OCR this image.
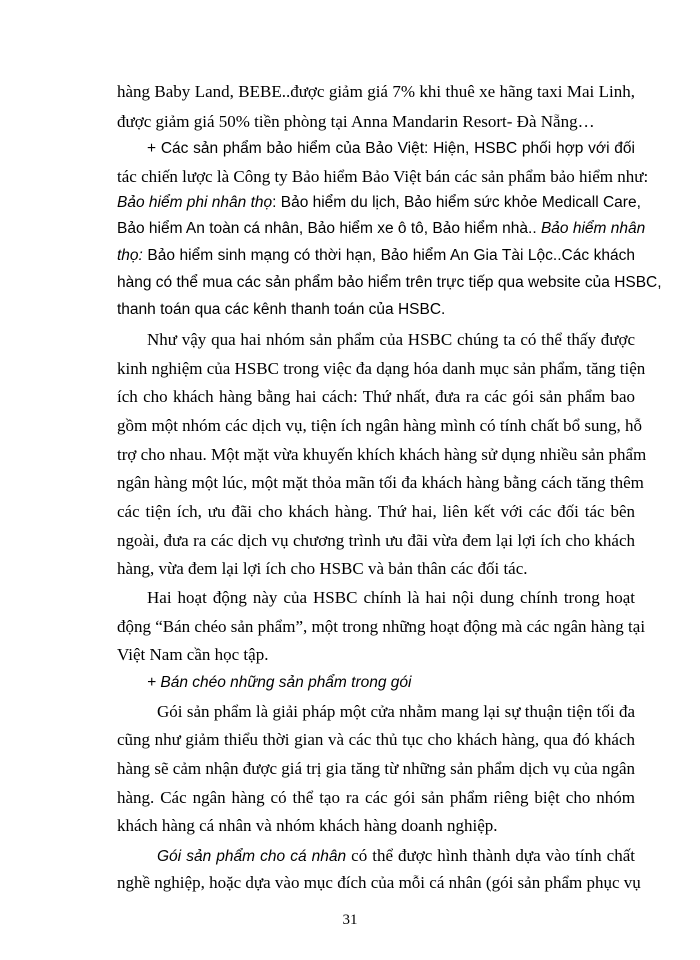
hàng Baby Land, BEBE..được giảm giá 7% khi thuê xe hãng taxi Mai Linh,
được giảm giá 50% tiền phòng tại Anna Mandarin Resort- Đà Nẵng…
+ Các sản phẩm bảo hiểm của Bảo Việt: Hiện, HSBC phối hợp với đối
tác chiến lược là Công ty Bảo hiểm Bảo Việt bán các sản phẩm bảo hiểm như:
Bảo hiểm phi nhân thọ: Bảo hiểm du lịch, Bảo hiểm sức khỏe Medicall Care,
Bảo hiểm An toàn cá nhân, Bảo hiểm xe ô tô, Bảo hiểm nhà.. Bảo hiểm nhân
thọ: Bảo hiểm sinh mạng có thời hạn, Bảo hiểm An Gia Tài Lộc..Các khách
hàng có thể mua các sản phẩm bảo hiểm trên trực tiếp qua website của HSBC,
thanh toán qua các kênh thanh toán của HSBC.
Như vậy qua hai nhóm sản phẩm của HSBC chúng ta có thể thấy được
kinh nghiệm của HSBC trong việc đa dạng hóa danh mục sản phẩm, tăng tiện
ích cho khách hàng bằng hai cách: Thứ nhất, đưa ra các gói sản phẩm bao
gồm một nhóm các dịch vụ, tiện ích ngân hàng mình có tính chất bổ sung, hỗ
trợ cho nhau. Một mặt vừa khuyến khích khách hàng sử dụng nhiều sản phẩm
ngân hàng một lúc, một mặt thỏa mãn tối đa khách hàng bằng cách tăng thêm
các tiện ích, ưu đãi cho khách hàng. Thứ hai, liên kết với các đối tác bên
ngoài, đưa ra các dịch vụ chương trình ưu đãi vừa đem lại lợi ích cho khách
hàng, vừa đem lại lợi ích cho HSBC và bản thân các đối tác.
Hai hoạt động này của HSBC chính là hai nội dung chính trong hoạt
động “Bán chéo sản phẩm”, một trong những hoạt động mà các ngân hàng tại
Việt Nam cần học tập.
+ Bán chéo những sản phẩm trong gói
Gói sản phẩm là giải pháp một cửa nhằm mang lại sự thuận tiện tối đa
cũng như giảm thiểu thời gian và các thủ tục cho khách hàng, qua đó khách
hàng sẽ cảm nhận được giá trị gia tăng từ những sản phẩm dịch vụ của ngân
hàng. Các ngân hàng có thể tạo ra các gói sản phẩm riêng biệt cho nhóm
khách hàng cá nhân và nhóm khách hàng doanh nghiệp.
Gói sản phẩm cho cá nhân có thể được hình thành dựa vào tính chất
nghề nghiệp, hoặc dựa vào mục đích của mỗi cá nhân (gói sản phẩm phục vụ
31
